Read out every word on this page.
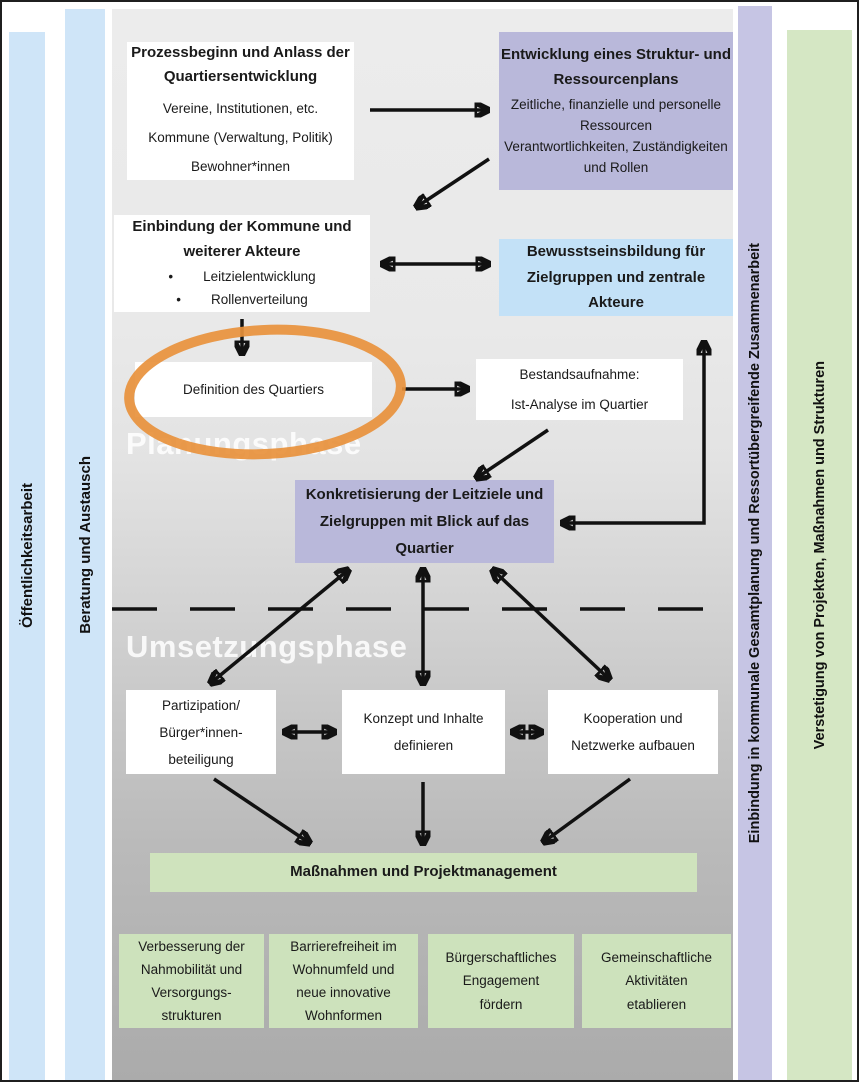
Öffentlichkeitsarbeit	Beratung und Austausch	Einbindung in kommunale Gesamtplanung und Ressortübergreifende Zusammenarbeit	Verstetigung von Projekten, Maßnahmen und Strukturen
Planungsphase
Umsetzungsphase
Prozessbeginn und Anlass der Quartiersentwicklung
Vereine, Institutionen, etc.
Kommune (Verwaltung, Politik)
Bewohner*innen
Entwicklung eines Struktur- und Ressourcenplans
Zeitliche, finanzielle und personelle Ressourcen
Verantwortlichkeiten, Zuständigkeiten und Rollen
Einbindung der Kommune und weiterer Akteure
• Leitzielentwicklung
• Rollenverteilung
Bewusstseinsbildung für Zielgruppen und zentrale Akteure
Definition des Quartiers
Bestandsaufnahme:
Ist-Analyse im Quartier
Konkretisierung der Leitziele und Zielgruppen mit Blick auf das Quartier
Partizipation/
Bürger*innen-
beteiligung
Konzept und Inhalte
definieren
Kooperation und
Netzwerke aufbauen
Maßnahmen und Projektmanagement
Verbesserung der
Nahmobilität und
Versorgungs-
strukturen
Barrierefreiheit im
Wohnumfeld und
neue innovative
Wohnformen
Bürgerschaftliches
Engagement
fördern
Gemeinschaftliche
Aktivitäten
etablieren
